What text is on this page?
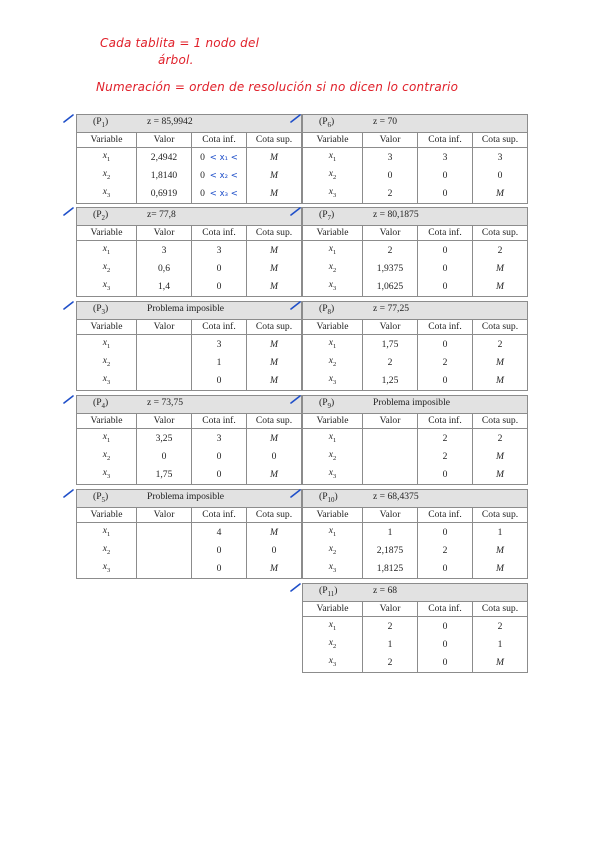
Cada tablita = 1 nodo del
árbol.
Numeración = orden de resolución si no dicen lo contrario
$(P_1) z = 85,9942$			
Variable	Valor	Cota inf.	Cota sup.
$x_1$	2,4942	0  < x₁ <	M
$x_2$	1,8140	0  < x₂ <	M
$x_3$	0,6919	0  < x₃ <	M
$(P_6) z = 70$			
Variable	Valor	Cota inf.	Cota sup.
$x_1$	3	3	3
$x_2$	0	0	0
$x_3$	2	0	M
$(P_2)$ z= 77,8			
Variable	Valor	Cota inf.	Cota sup.
$x_1$	3	3	M
$x_2$	0,6	0	M
$x_3$	1,4	0	M
$(P_7) z = 80,1875$			
Variable	Valor	Cota inf.	Cota sup.
$x_1$	2	0	2
$x_2$	1,9375	0	M
$x_3$	1,0625	0	M
$(P_3)$ Problema imposible			
Variable	Valor	Cota inf.	Cota sup.
$x_1$		3	M
$x_2$		1	M
$x_3$		0	M
$(P_8) z = 77,25$			
Variable	Valor	Cota inf.	Cota sup.
$x_1$	1,75	0	2
$x_2$	2	2	M
$x_3$	1,25	0	M
$(P_4) z = 73,75$			
Variable	Valor	Cota inf.	Cota sup.
$x_1$	3,25	3	M
$x_2$	0	0	0
$x_3$	1,75	0	M
$(P_9)$ Problema imposible			
Variable	Valor	Cota inf.	Cota sup.
$x_1$		2	2
$x_2$		2	M
$x_3$		0	M
$(P_5)$ Problema imposible			
Variable	Valor	Cota inf.	Cota sup.
$x_1$		4	M
$x_2$		0	0
$x_3$		0	M
$(P_{10}) z = 68,4375$			
Variable	Valor	Cota inf.	Cota sup.
$x_1$	1	0	1
$x_2$	2,1875	2	M
$x_3$	1,8125	0	M
$(P_{11}) z = 68$			
Variable	Valor	Cota inf.	Cota sup.
$x_1$	2	0	2
$x_2$	1	0	1
$x_3$	2	0	M
